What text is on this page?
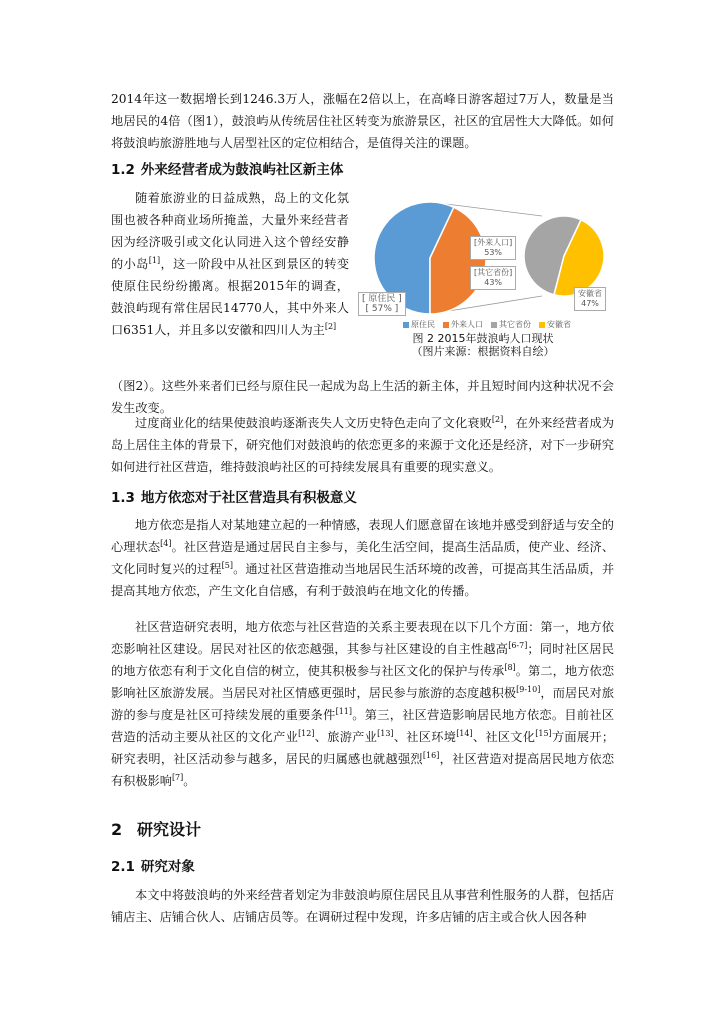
2014年这一数据增长到1246.3万人，涨幅在2倍以上，在高峰日游客超过7万人，数量是当地居民的4倍（图1），鼓浪屿从传统居住社区转变为旅游景区，社区的宜居性大大降低。如何将鼓浪屿旅游胜地与人居型社区的定位相结合，是值得关注的课题。

1.2 外来经营者成为鼓浪屿社区新主体

随着旅游业的日益成熟，岛上的文化氛围也被各种商业场所掩盖，大量外来经营者因为经济吸引或文化认同进入这个曾经安静的小岛[1]，这一阶段中从社区到景区的转变使原住民纷纷搬离。根据2015年的调查，鼓浪屿现有常住居民14770人，其中外来人口6351人，并且多以安徽和四川人为主[2]

[外来人口]
53%
[其它省份]
43%
[ 原住民 ]
[ 57% ]
安徽省
47%
原住民 外来人口 其它省份 安徽省
图 2 2015年鼓浪屿人口现状
（图片来源：根据资料自绘）

（图2）。这些外来者们已经与原住民一起成为岛上生活的新主体，并且短时间内这种状况不会发生改变。

过度商业化的结果使鼓浪屿逐渐丧失人文历史特色走向了文化衰败[2]，在外来经营者成为岛上居住主体的背景下，研究他们对鼓浪屿的依恋更多的来源于文化还是经济，对下一步研究如何进行社区营造，维持鼓浪屿社区的可持续发展具有重要的现实意义。

1.3 地方依恋对于社区营造具有积极意义

地方依恋是指人对某地建立起的一种情感，表现人们愿意留在该地并感受到舒适与安全的心理状态[4]。社区营造是通过居民自主参与，美化生活空间，提高生活品质，使产业、经济、文化同时复兴的过程[5]。通过社区营造推动当地居民生活环境的改善，可提高其生活品质，并提高其地方依恋，产生文化自信感，有利于鼓浪屿在地文化的传播。

社区营造研究表明，地方依恋与社区营造的关系主要表现在以下几个方面：第一，地方依恋影响社区建设。居民对社区的依恋越强，其参与社区建设的自主性越高[6-7]；同时社区居民的地方依恋有利于文化自信的树立，使其积极参与社区文化的保护与传承[8]。第二，地方依恋影响社区旅游发展。当居民对社区情感更强时，居民参与旅游的态度越积极[9-10]，而居民对旅游的参与度是社区可持续发展的重要条件[11]。第三，社区营造影响居民地方依恋。目前社区营造的活动主要从社区的文化产业[12]、旅游产业[13]、社区环境[14]、社区文化[15]方面展开；研究表明，社区活动参与越多，居民的归属感也就越强烈[16]，社区营造对提高居民地方依恋有积极影响[7]。

2 研究设计
2.1 研究对象

本文中将鼓浪屿的外来经营者划定为非鼓浪屿原住居民且从事营利性服务的人群，包括店铺店主、店铺合伙人、店铺店员等。在调研过程中发现，许多店铺的店主或合伙人因各种
